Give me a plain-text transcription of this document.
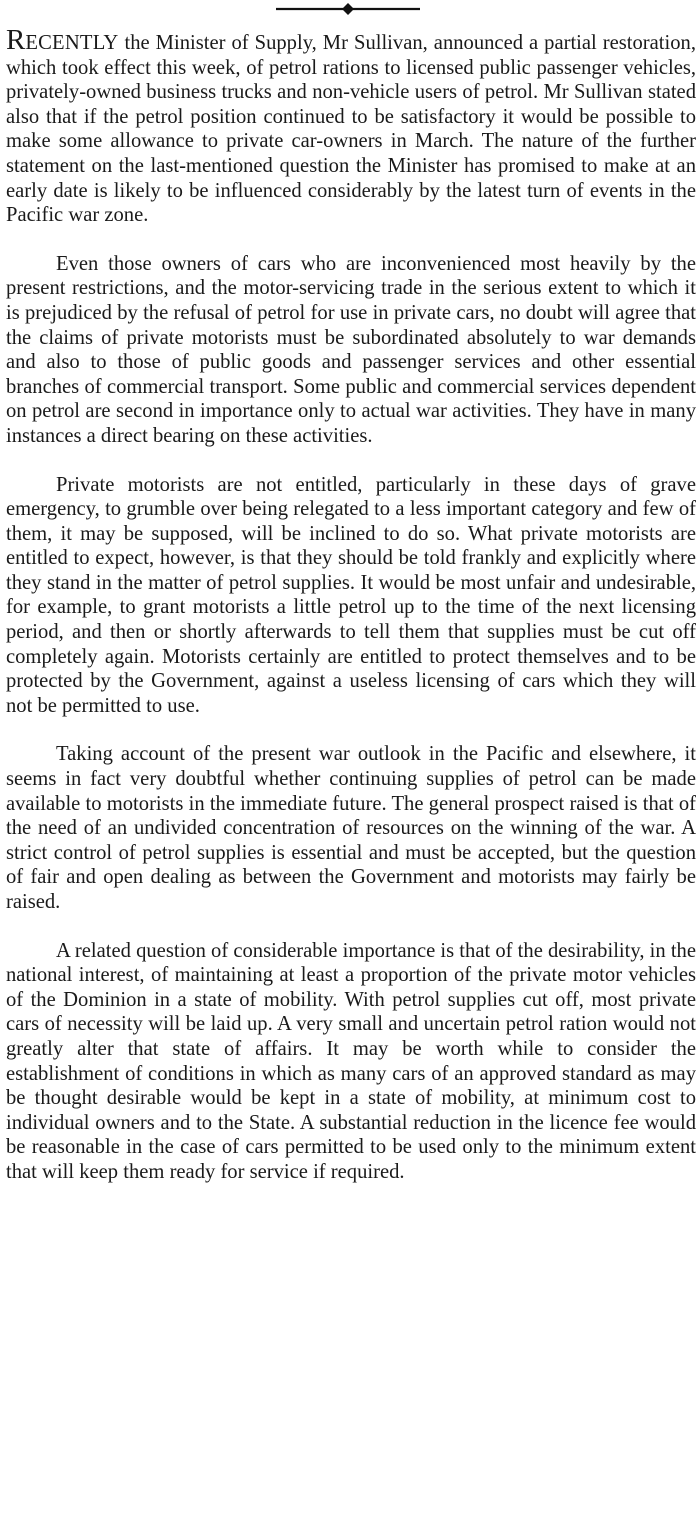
RECENTLY the Minister of Supply, Mr Sullivan, announced a partial restoration, which took effect this week, of petrol rations to licensed public passenger vehicles, privately-owned business trucks and non-vehicle users of petrol. Mr Sullivan stated also that if the petrol position continued to be satisfactory it would be possible to make some allowance to private car-owners in March. The nature of the further statement on the last-mentioned question the Minister has promised to make at an early date is likely to be influenced considerably by the latest turn of events in the Pacific war zone.

Even those owners of cars who are inconvenienced most heavily by the present restrictions, and the motor-servicing trade in the serious extent to which it is prejudiced by the refusal of petrol for use in private cars, no doubt will agree that the claims of private motorists must be subordinated absolutely to war demands and also to those of public goods and passenger services and other essential branches of commercial transport. Some public and commercial services dependent on petrol are second in importance only to actual war activities. They have in many instances a direct bearing on these activities.

Private motorists are not entitled, particularly in these days of grave emergency, to grumble over being relegated to a less important category and few of them, it may be supposed, will be inclined to do so. What private motorists are entitled to expect, however, is that they should be told frankly and explicitly where they stand in the matter of petrol supplies. It would be most unfair and undesirable, for example, to grant motorists a little petrol up to the time of the next licensing period, and then or shortly afterwards to tell them that supplies must be cut off completely again. Motorists certainly are entitled to protect themselves and to be protected by the Government, against a useless licensing of cars which they will not be permitted to use.

Taking account of the present war outlook in the Pacific and elsewhere, it seems in fact very doubtful whether continuing supplies of petrol can be made available to motorists in the immediate future. The general prospect raised is that of the need of an undivided concentration of resources on the winning of the war. A strict control of petrol supplies is essential and must be accepted, but the question of fair and open dealing as between the Government and motorists may fairly be raised.

A related question of considerable importance is that of the desirability, in the national interest, of maintaining at least a proportion of the private motor vehicles of the Dominion in a state of mobility. With petrol supplies cut off, most private cars of necessity will be laid up. A very small and uncertain petrol ration would not greatly alter that state of affairs. It may be worth while to consider the establishment of conditions in which as many cars of an approved standard as may be thought desirable would be kept in a state of mobility, at minimum cost to individual owners and to the State. A substantial reduction in the licence fee would be reasonable in the case of cars permitted to be used only to the minimum extent that will keep them ready for service if required.
